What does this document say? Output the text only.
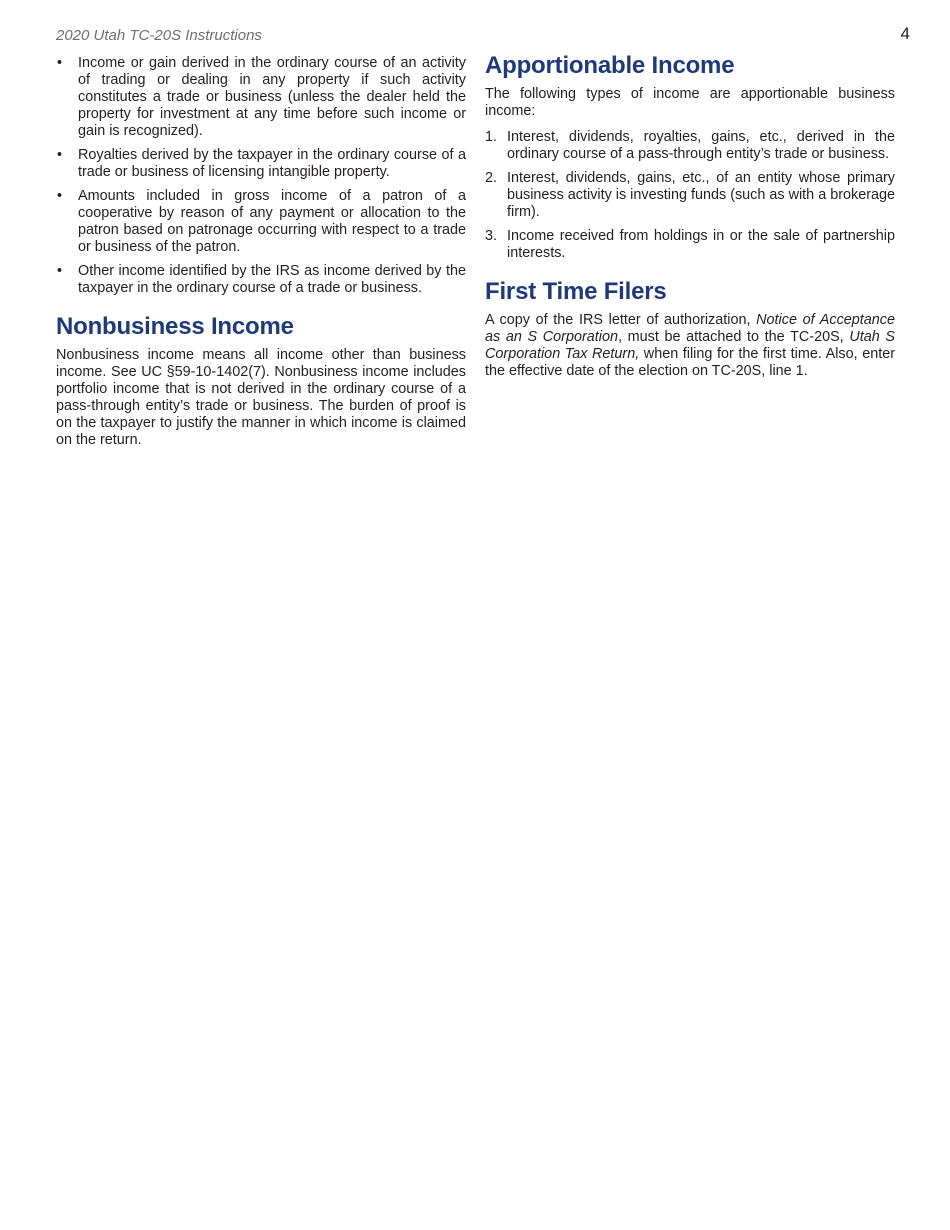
2020 Utah TC-20S Instructions	4
• Income or gain derived in the ordinary course of an activity of trading or dealing in any property if such activity constitutes a trade or business (unless the dealer held the property for investment at any time before such income or gain is recognized).
• Royalties derived by the taxpayer in the ordinary course of a trade or business of licensing intangible property.
• Amounts included in gross income of a patron of a cooperative by reason of any payment or allocation to the patron based on patronage occurring with respect to a trade or business of the patron.
• Other income identified by the IRS as income derived by the taxpayer in the ordinary course of a trade or business.
Nonbusiness Income

Nonbusiness income means all income other than business income. See UC §59-10-1402(7). Nonbusiness income includes portfolio income that is not derived in the ordinary course of a pass-through entity’s trade or business. The burden of proof is on the taxpayer to justify the manner in which income is claimed on the return.

Apportionable Income

The following types of income are apportionable business income:

1. Interest, dividends, royalties, gains, etc., derived in the ordinary course of a pass-through entity’s trade or business.
2. Interest, dividends, gains, etc., of an entity whose primary business activity is investing funds (such as with a brokerage firm).
3. Income received from holdings in or the sale of partnership interests.
First Time Filers

A copy of the IRS letter of authorization, Notice of Acceptance as an S Corporation, must be attached to the TC-20S, Utah S Corporation Tax Return, when filing for the first time. Also, enter the effective date of the election on TC-20S, line 1.
